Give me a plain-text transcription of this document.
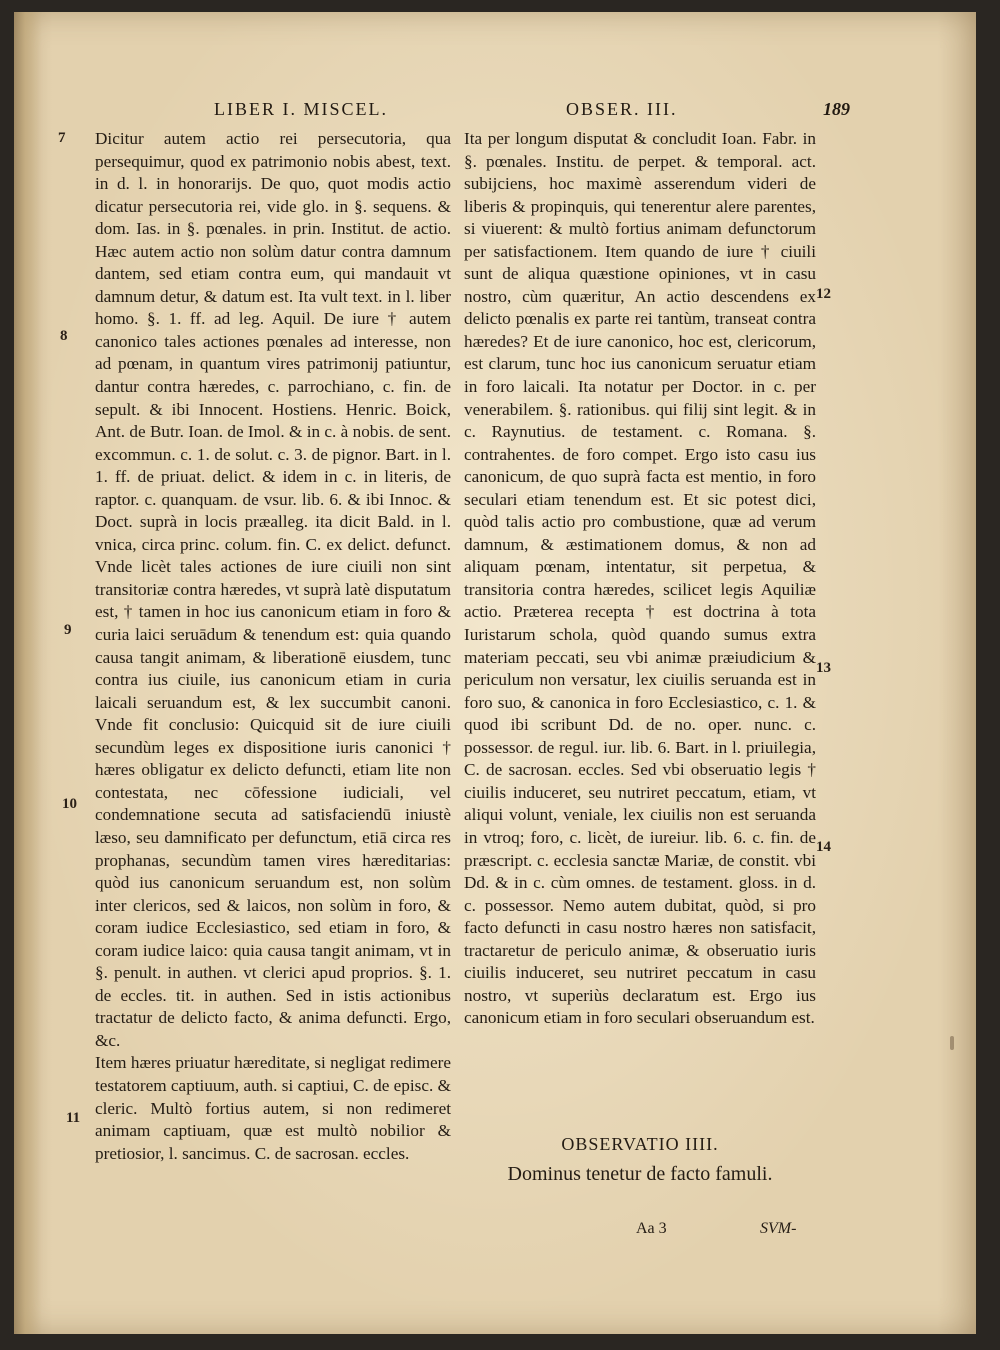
LIBER I. MISCEL.	OBSER. III.	189

Dicitur autem actio rei persecutoria, qua persequimur, quod ex patrimonio nobis abest, text. in d. l. in honorarijs. De quo, quot modis actio dicatur persecutoria rei, vide glo. in §. sequens. & dom. Ias. in §. pœnales. in prin. Institut. de actio. Hæc autem actio non solùm datur contra damnum dantem, sed etiam contra eum, qui mandauit vt damnum detur, & datum est. Ita vult text. in l. liber homo. §. 1. ff. ad leg. Aquil. De iure † autem canonico tales actiones pœnales ad interesse, non ad pœnam, in quantum vires patrimonij patiuntur, dantur contra hæredes, c. parrochiano, c. fin. de sepult. & ibi Innocent. Hostiens. Henric. Boick, Ant. de Butr. Ioan. de Imol. & in c. à nobis. de sent. excommun. c. 1. de solut. c. 3. de pignor. Bart. in l. 1. ff. de priuat. delict. & idem in c. in literis, de raptor. c. quanquam. de vsur. lib. 6. & ibi Innoc. & Doct. suprà in locis præalleg. ita dicit Bald. in l. vnica, circa princ. colum. fin. C. ex delict. defunct. Vnde licèt tales actiones de iure ciuili non sint transitoriæ contra hæredes, vt suprà latè disputatum est, † tamen in hoc ius canonicum etiam in foro & curia laici seruādum & tenendum est: quia quando causa tangit animam, & liberationē eiusdem, tunc contra ius ciuile, ius canonicum etiam in curia laicali seruandum est, & lex succumbit canoni. Vnde fit conclusio: Quicquid sit de iure ciuili secundùm leges ex dispositione iuris canonici † hæres obligatur ex delicto defuncti, etiam lite non contestata, nec cōfessione iudiciali, vel condemnatione secuta ad satisfaciendū iniustè læso, seu damnificato per defunctum, etiā circa res prophanas, secundùm tamen vires hæreditarias: quòd ius canonicum seruandum est, non solùm inter clericos, sed & laicos, non solùm in foro, & coram iudice Ecclesiastico, sed etiam in foro, & coram iudice laico: quia causa tangit animam, vt in §. penult. in authen. vt clerici apud proprios. §. 1. de eccles. tit. in authen. Sed in istis actionibus tractatur de delicto facto, & anima defuncti. Ergo, &c.

Item hæres priuatur hæreditate, si negligat redimere testatorem captiuum, auth. si captiui, C. de episc. & cleric. Multò fortius autem, si non redimeret animam captiuam, quæ est multò nobilior & pretiosior, l. sancimus. C. de sacrosan. eccles.

Ita per longum disputat & concludit Ioan. Fabr. in §. pœnales. Institu. de perpet. & temporal. act. subijciens, hoc maximè asserendum videri de liberis & propinquis, qui tenerentur alere parentes, si viuerent: & multò fortius animam defunctorum per satisfactionem. Item quando de iure † ciuili sunt de aliqua quæstione opiniones, vt in casu nostro, cùm quæritur, An actio descendens ex delicto pœnalis ex parte rei tantùm, transeat contra hæredes? Et de iure canonico, hoc est, clericorum, est clarum, tunc hoc ius canonicum seruatur etiam in foro laicali. Ita notatur per Doctor. in c. per venerabilem. §. rationibus. qui filij sint legit. & in c. Raynutius. de testament. c. Romana. §. contrahentes. de foro compet. Ergo isto casu ius canonicum, de quo suprà facta est mentio, in foro seculari etiam tenendum est. Et sic potest dici, quòd talis actio pro combustione, quæ ad verum damnum, & æstimationem domus, & non ad aliquam pœnam, intentatur, sit perpetua, & transitoria contra hæredes, scilicet legis Aquiliæ actio. Præterea recepta † est doctrina à tota Iuristarum schola, quòd quando sumus extra materiam peccati, seu vbi animæ præiudicium & periculum non versatur, lex ciuilis seruanda est in foro suo, & canonica in foro Ecclesiastico, c. 1. & quod ibi scribunt Dd. de no. oper. nunc. c. possessor. de regul. iur. lib. 6. Bart. in l. priuilegia, C. de sacrosan. eccles. Sed vbi obseruatio legis † ciuilis induceret, seu nutriret peccatum, etiam, vt aliqui volunt, veniale, lex ciuilis non est seruanda in vtroq; foro, c. licèt, de iureiur. lib. 6. c. fin. de præscript. c. ecclesia sanctæ Mariæ, de constit. vbi Dd. & in c. cùm omnes. de testament. gloss. in d. c. possessor. Nemo autem dubitat, quòd, si pro facto defuncti in casu nostro hæres non satisfacit, tractaretur de periculo animæ, & obseruatio iuris ciuilis induceret, seu nutriret peccatum in casu nostro, vt superiùs declaratum est. Ergo ius canonicum etiam in foro seculari obseruandum est.

7
8
9
10
11
12
13
14
OBSERVATIO IIII.
Dominus tenetur de facto famuli.
Aa 3	SVM-
